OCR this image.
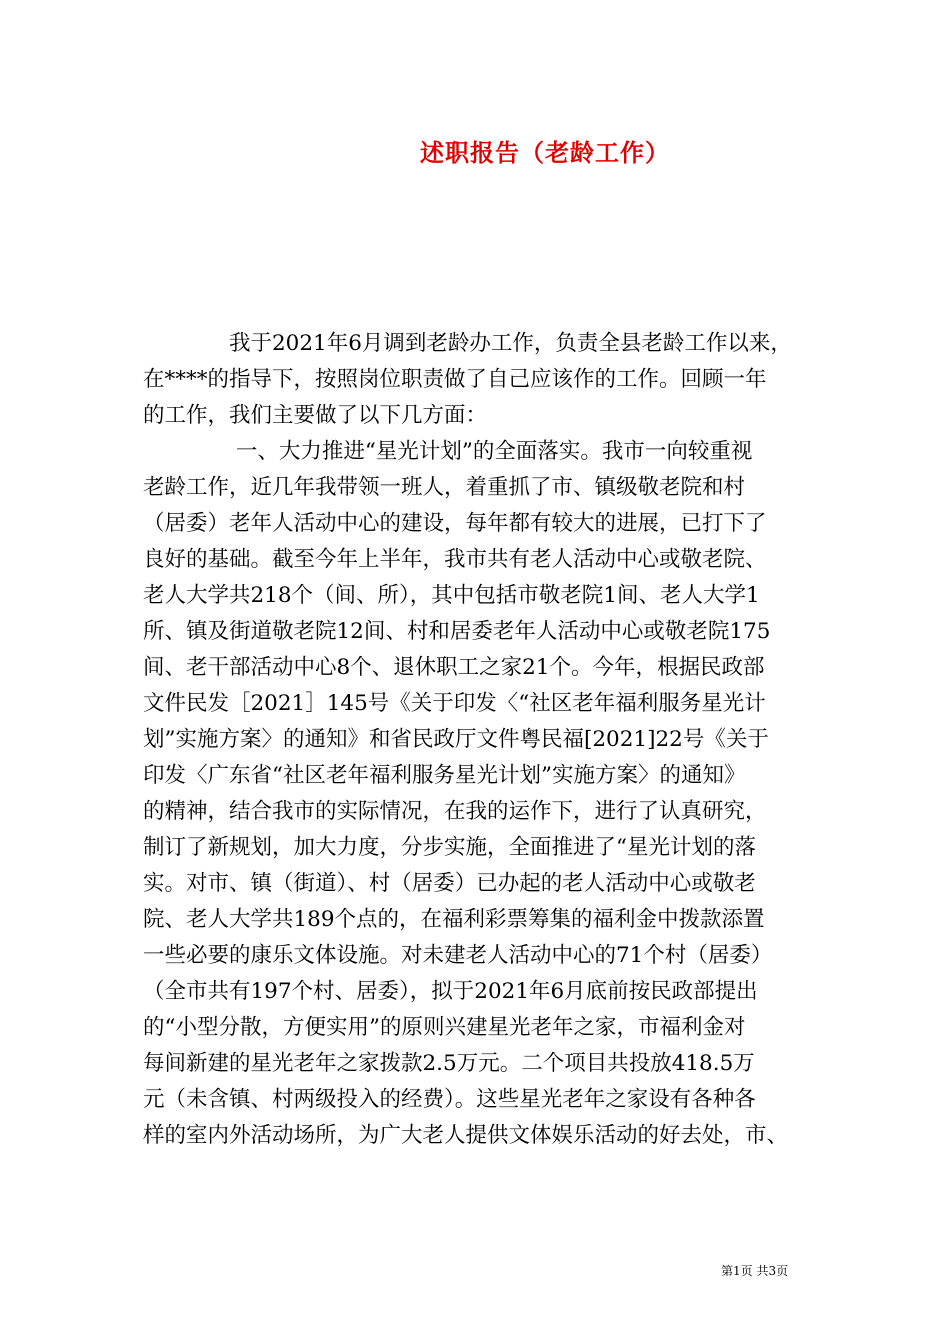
述职报告（老龄工作）
　　　　我于2021年6月调到老龄办工作，负责全县老龄工作以来，
在****的指导下，按照岗位职责做了自己应该作的工作。回顾一年
的工作，我们主要做了以下几方面：
　　　　 一、大力推进“星光计划”的全面落实。我市一向较重视
老龄工作，近几年我带领一班人，着重抓了市、镇级敬老院和村
（居委）老年人活动中心的建设，每年都有较大的进展，已打下了
良好的基础。截至今年上半年，我市共有老人活动中心或敬老院、
老人大学共218个（间、所），其中包括市敬老院1间、老人大学1
所、镇及街道敬老院12间、村和居委老年人活动中心或敬老院175
间、老干部活动中心8个、退休职工之家21个。今年，根据民政部
文件民发［2021］145号《关于印发〈“社区老年福利服务星光计
划”实施方案〉的通知》和省民政厅文件粤民福[2021]22号《关于
印发〈广东省“社区老年福利服务星光计划”实施方案〉的通知》
的精神，结合我市的实际情况，在我的运作下，进行了认真研究，
制订了新规划，加大力度，分步实施，全面推进了“星光计划的落
实。对市、镇（街道）、村（居委）已办起的老人活动中心或敬老
院、老人大学共189个点的，在福利彩票筹集的福利金中拨款添置
一些必要的康乐文体设施。对未建老人活动中心的71个村（居委）
（全市共有197个村、居委），拟于2021年6月底前按民政部提出
的“小型分散，方便实用”的原则兴建星光老年之家，市福利金对
每间新建的星光老年之家拨款2.5万元。二个项目共投放418.5万
元（未含镇、村两级投入的经费）。这些星光老年之家设有各种各
样的室内外活动场所，为广大老人提供文体娱乐活动的好去处，市、
第1页 共3页
